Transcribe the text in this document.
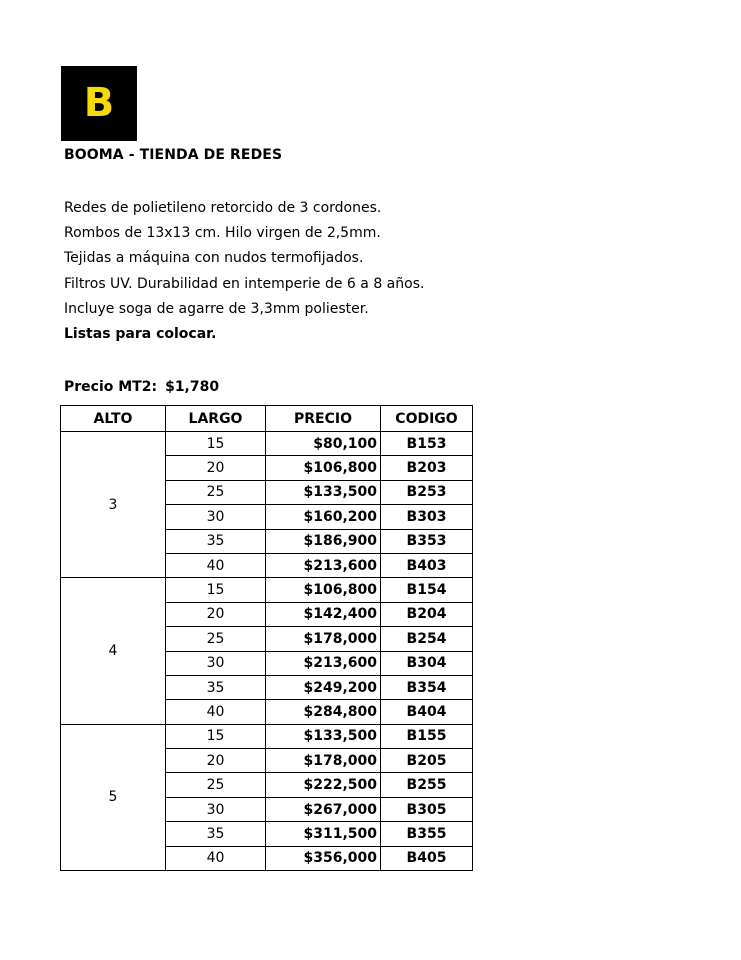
B
BOOMA - TIENDA DE REDES
Redes de polietileno retorcido de 3 cordones.
Rombos de 13x13 cm. Hilo virgen de 2,5mm.
Tejidas a máquina con nudos termofijados.
Filtros UV. Durabilidad en intemperie de 6 a 8 años.
Incluye soga de agarre de 3,3mm poliester.
Listas para colocar.
Precio MT2: $1,780
ALTO	LARGO	PRECIO	CODIGO
3	15	$80,100	B153
	20	$106,800	B203
	25	$133,500	B253
	30	$160,200	B303
	35	$186,900	B353
	40	$213,600	B403
4	15	$106,800	B154
	20	$142,400	B204
	25	$178,000	B254
	30	$213,600	B304
	35	$249,200	B354
	40	$284,800	B404
5	15	$133,500	B155
	20	$178,000	B205
	25	$222,500	B255
	30	$267,000	B305
	35	$311,500	B355
	40	$356,000	B405
